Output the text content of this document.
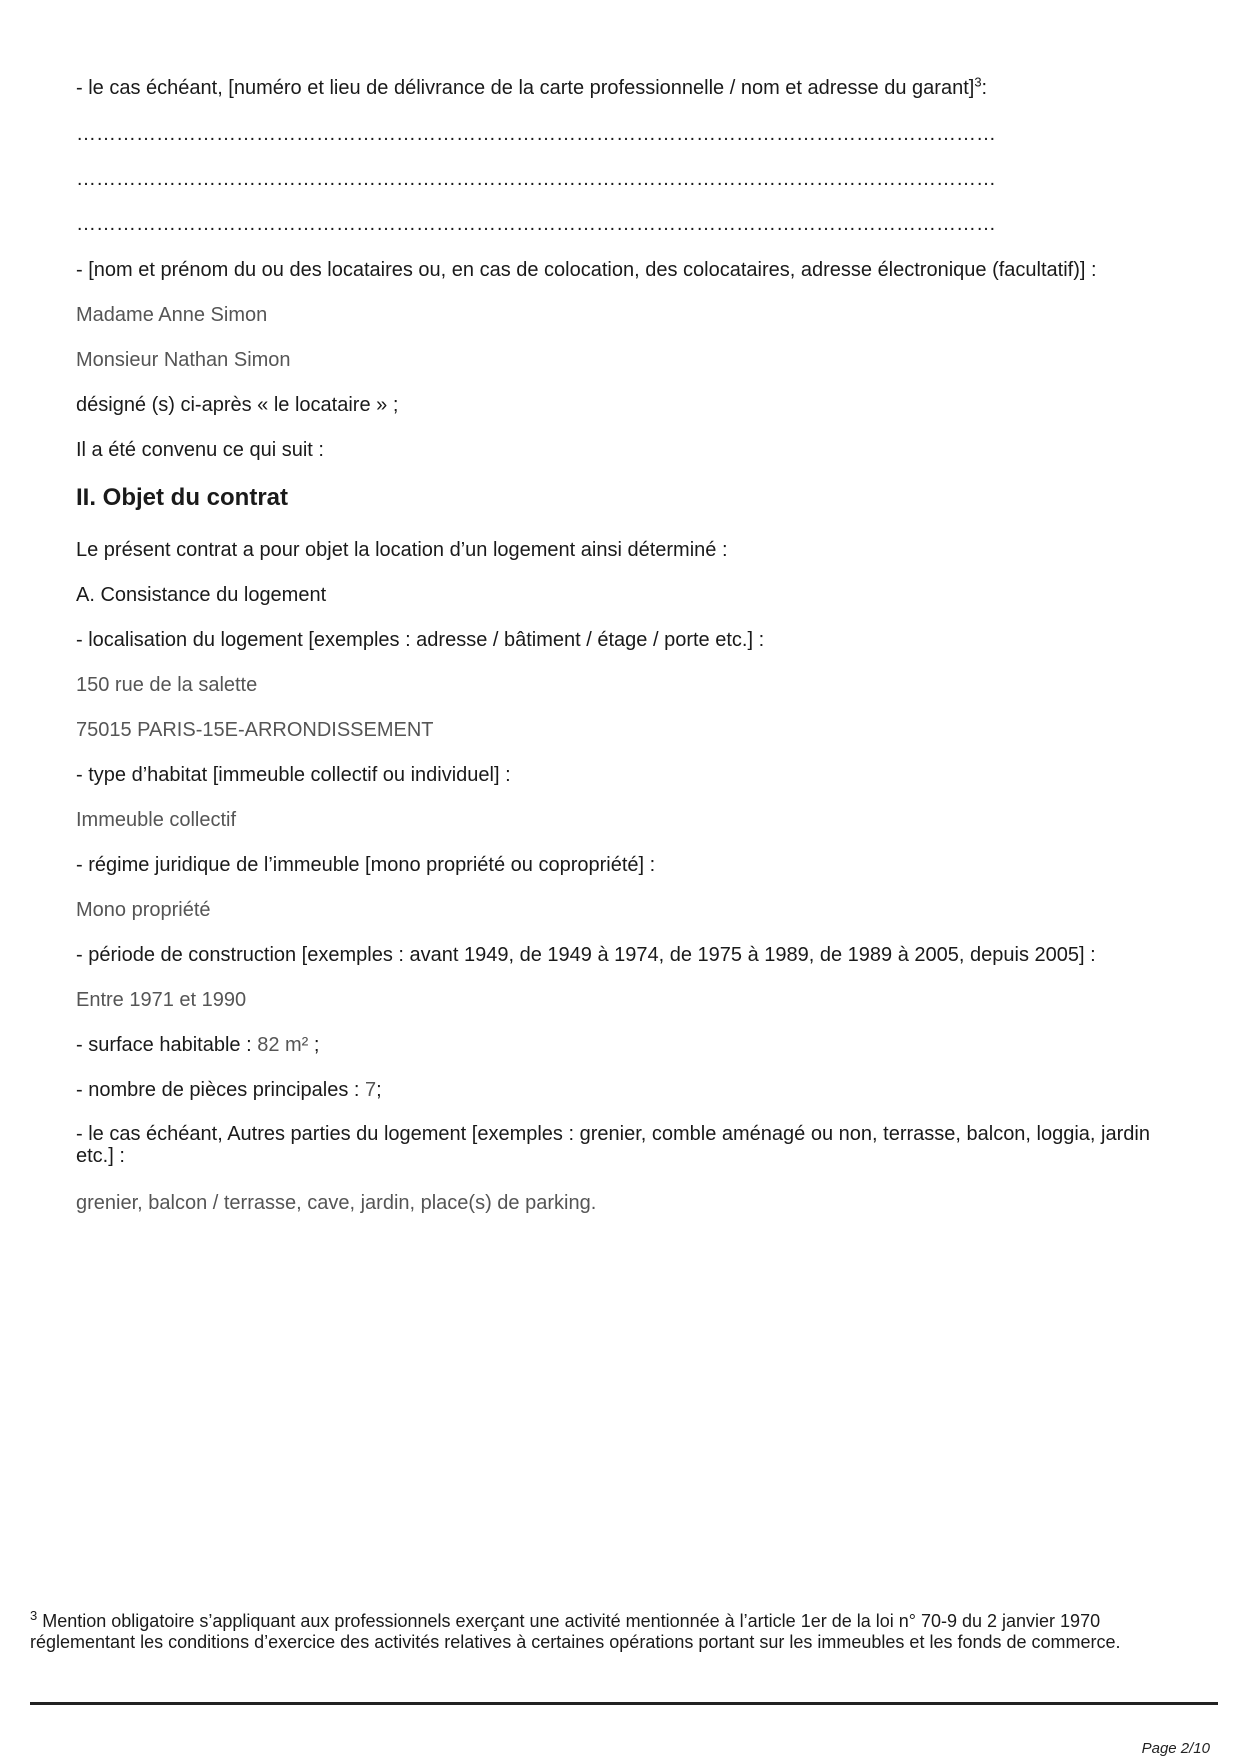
- le cas échéant, [numéro et lieu de délivrance de la carte professionnelle / nom et adresse du garant]$^3$:
…………………………………………………………………………………………………………………………
…………………………………………………………………………………………………………………………
…………………………………………………………………………………………………………………………
- [nom et prénom du ou des locataires ou, en cas de colocation, des colocataires, adresse électronique (facultatif)] :
Madame Anne Simon
Monsieur Nathan Simon
désigné (s) ci-après « le locataire » ;
Il a été convenu ce qui suit :
II. Objet du contrat
Le présent contrat a pour objet la location d’un logement ainsi déterminé :
A. Consistance du logement
- localisation du logement [exemples : adresse / bâtiment / étage / porte etc.] :
150 rue de la salette
75015 PARIS-15E-ARRONDISSEMENT
- type d’habitat [immeuble collectif ou individuel] :
Immeuble collectif
- régime juridique de l’immeuble [mono propriété ou copropriété] :
Mono propriété
- période de construction [exemples : avant 1949, de 1949 à 1974, de 1975 à 1989, de 1989 à 2005, depuis 2005] :
Entre 1971 et 1990
- surface habitable : 82 m² ;
- nombre de pièces principales : 7;
- le cas échéant, Autres parties du logement [exemples : grenier, comble aménagé ou non, terrasse, balcon, loggia, jardin etc.] :
grenier, balcon / terrasse, cave, jardin, place(s) de parking.
$^3$ Mention obligatoire s’appliquant aux professionnels exerçant une activité mentionnée à l’article 1er de la loi n° 70-9 du 2 janvier 1970 réglementant les conditions d’exercice des activités relatives à certaines opérations portant sur les immeubles et les fonds de commerce.
Page 2/10
